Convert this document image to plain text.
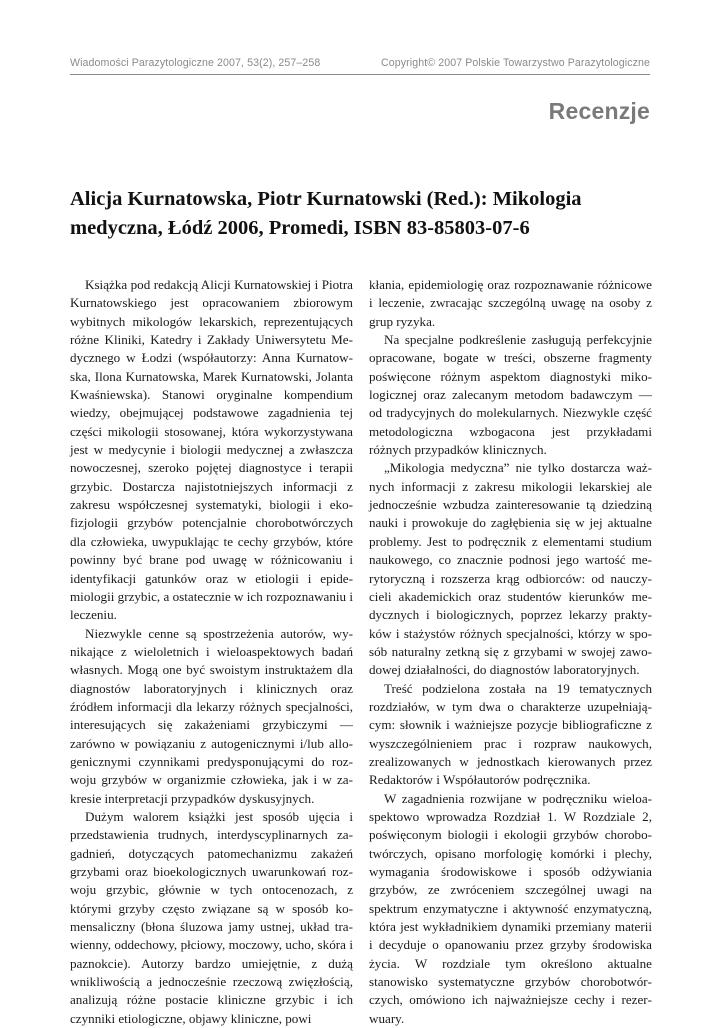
Wiadomości Parazytologiczne 2007, 53(2), 257–258	Copyright© 2007 Polskie Towarzystwo Parazytologiczne
Recenzje
Alicja Kurnatowska, Piotr Kurnatowski (Red.): Mikologia medyczna, Łódź 2006, Promedi, ISBN 83-85803-07-6

Książka pod redakcją Alicji Kurnatowskiej i Piotra Kurnatowskiego jest opracowaniem zbiorowym wybitnych mikologów lekarskich, reprezentujących różne Kliniki, Katedry i Zakłady Uniwersytetu Medycznego w Łodzi (współautorzy: Anna Kurnatowska, Ilona Kurnatowska, Marek Kurnatowski, Jolanta Kwaśniewska). Stanowi oryginalne kompendium wiedzy, obejmującej podstawowe zagadnienia tej części mikologii stosowanej, która wykorzystywana jest w medycynie i biologii medycznej a zwłaszcza nowoczesnej, szeroko pojętej diagnostyce i terapii grzybic. Dostarcza najistotniejszych informacji z zakresu współczesnej systematyki, biologii i ekofizjologii grzybów potencjalnie chorobotwórczych dla człowieka, uwypuklając te cechy grzybów, które powinny być brane pod uwagę w różnicowaniu i identyfikacji gatunków oraz w etiologii i epidemiologii grzybic, a ostatecznie w ich rozpoznawaniu i leczeniu.

Niezwykle cenne są spostrzeżenia autorów, wynikające z wieloletnich i wieloaspektowych badań własnych. Mogą one być swoistym instruktażem dla diagnostów laboratoryjnych i klinicznych oraz źródłem informacji dla lekarzy różnych specjalności, interesujących się zakażeniami grzybiczymi — zarówno w powiązaniu z autogenicznymi i/lub allogenicznymi czynnikami predysponującymi do rozwoju grzybów w organizmie człowieka, jak i w zakresie interpretacji przypadków dyskusyjnych.

Dużym walorem książki jest sposób ujęcia i przedstawienia trudnych, interdyscyplinarnych zagadnień, dotyczących patomechanizmu zakażeń grzybami oraz bioekologicznych uwarunkowań rozwoju grzybic, głównie w tych ontocenozach, z którymi grzyby często związane są w sposób komensaliczny (błona śluzowa jamy ustnej, układ trawienny, oddechowy, płciowy, moczowy, ucho, skóra i paznokcie). Autorzy bardzo umiejętnie, z dużą wnikliwością a jednocześnie rzeczową zwięzłością, analizują różne postacie kliniczne grzybic i ich czynniki etiologiczne, objawy kliniczne, powi

kłania, epidemiologię oraz rozpoznawanie różnicowe i leczenie, zwracając szczególną uwagę na osoby z grup ryzyka.

Na specjalne podkreślenie zasługują perfekcyjnie opracowane, bogate w treści, obszerne fragmenty poświęcone różnym aspektom diagnostyki mikologicznej oraz zalecanym metodom badawczym — od tradycyjnych do molekularnych. Niezwykle część metodologiczna wzbogacona jest przykładami różnych przypadków klinicznych.

„Mikologia medyczna” nie tylko dostarcza ważnych informacji z zakresu mikologii lekarskiej ale jednocześnie wzbudza zainteresowanie tą dziedziną nauki i prowokuje do zagłębienia się w jej aktualne problemy. Jest to podręcznik z elementami studium naukowego, co znacznie podnosi jego wartość merytoryczną i rozszerza krąg odbiorców: od nauczycieli akademickich oraz studentów kierunków medycznych i biologicznych, poprzez lekarzy praktyków i stażystów różnych specjalności, którzy w sposób naturalny zetkną się z grzybami w swojej zawodowej działalności, do diagnostów laboratoryjnych.

Treść podzielona została na 19 tematycznych rozdziałów, w tym dwa o charakterze uzupełniającym: słownik i ważniejsze pozycje bibliograficzne z wyszczególnieniem prac i rozpraw naukowych, zrealizowanych w jednostkach kierowanych przez Redaktorów i Współautorów podręcznika.

W zagadnienia rozwijane w podręczniku wieloaspektowo wprowadza Rozdział 1. W Rozdziale 2, poświęconym biologii i ekologii grzybów chorobotwórczych, opisano morfologię komórki i plechy, wymagania środowiskowe i sposób odżywiania grzybów, ze zwróceniem szczególnej uwagi na spektrum enzymatyczne i aktywność enzymatyczną, która jest wykładnikiem dynamiki przemiany materii i decyduje o opanowaniu przez grzyby środowiska życia. W rozdziale tym określono aktualne stanowisko systematyczne grzybów chorobotwórczych, omówiono ich najważniejsze cechy i rezerwuary.
